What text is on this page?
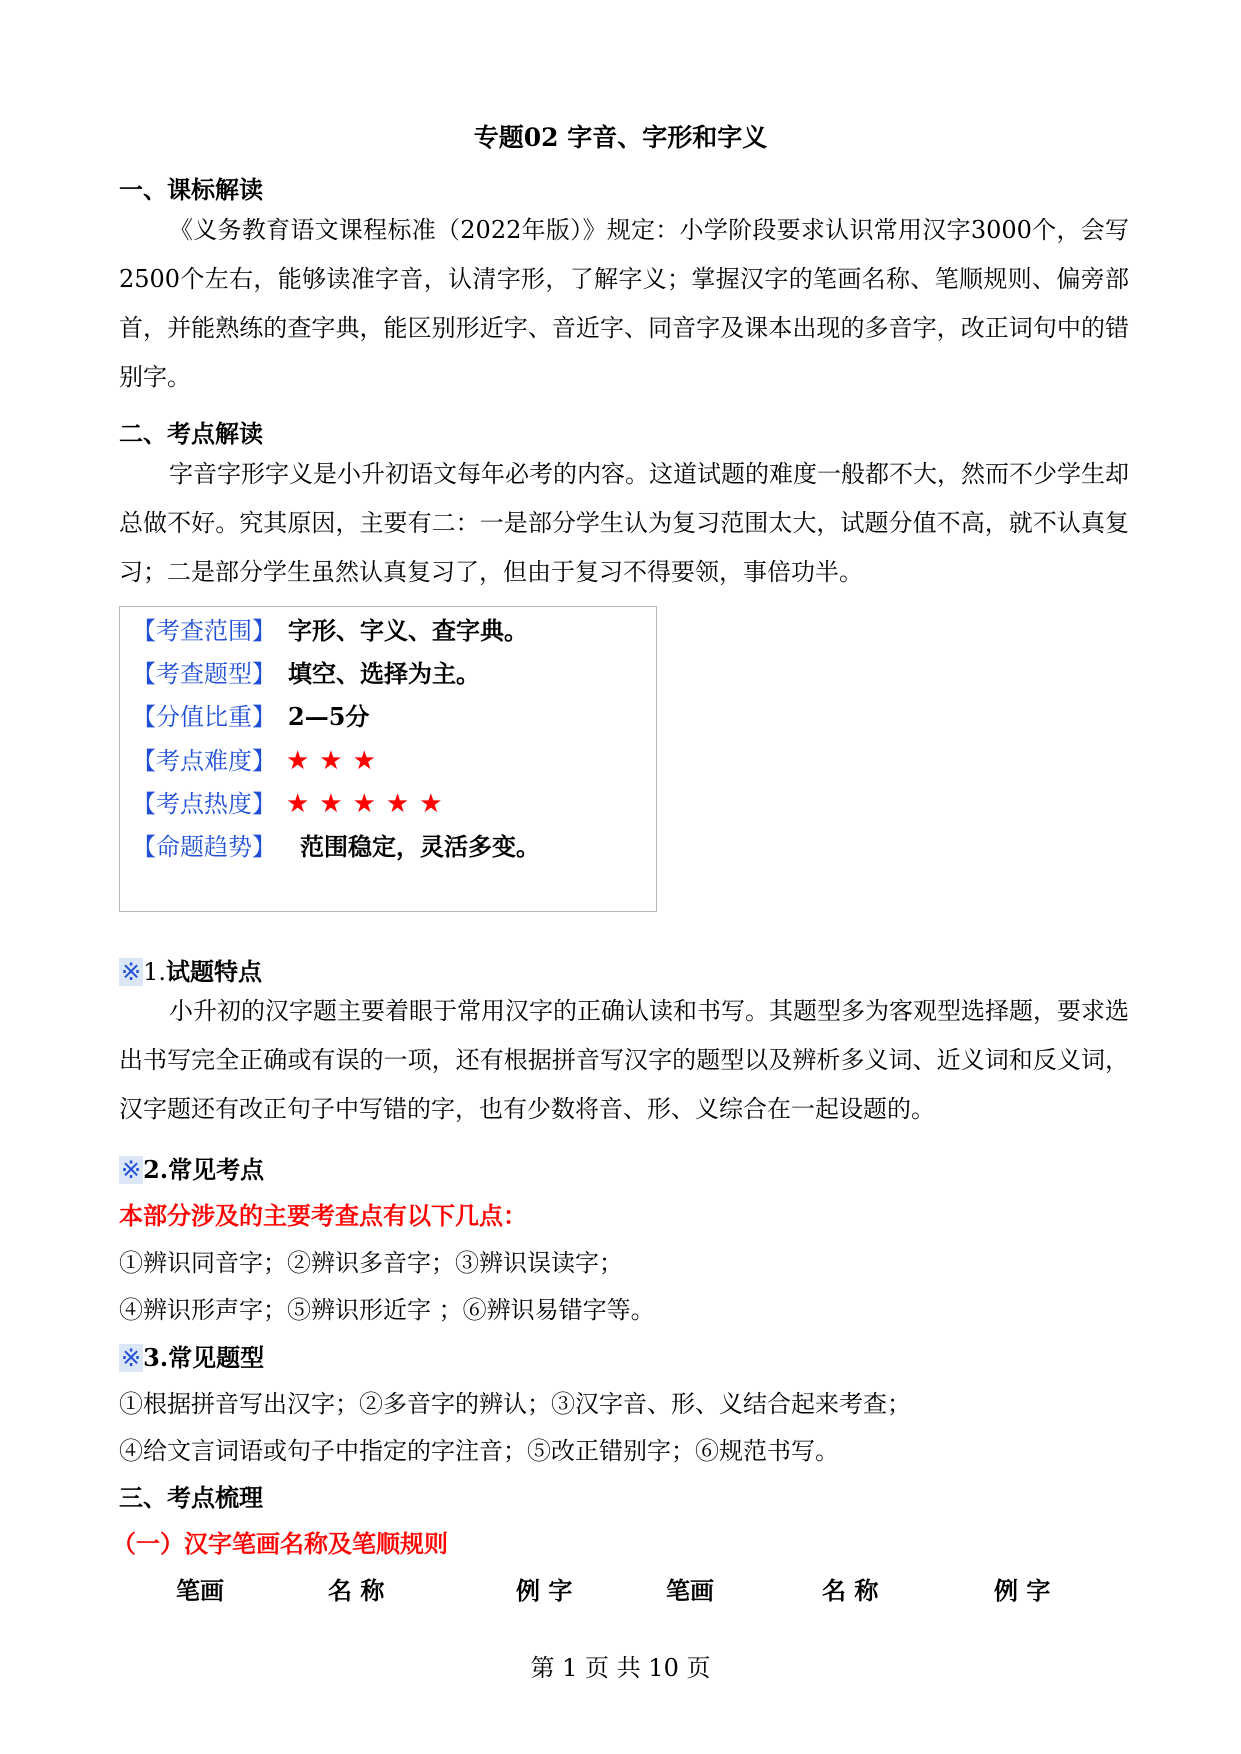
专题02 字音、字形和字义
一、课标解读
《义务教育语文课程标准（2022年版）》规定：小学阶段要求认识常用汉字3000个，会写2500个左右，能够读准字音，认清字形，了解字义；掌握汉字的笔画名称、笔顺规则、偏旁部首，并能熟练的查字典，能区别形近字、音近字、同音字及课本出现的多音字，改正词句中的错别字。
二、考点解读
字音字形字义是小升初语文每年必考的内容。这道试题的难度一般都不大，然而不少学生却总做不好。究其原因，主要有二：一是部分学生认为复习范围太大，试题分值不高，就不认真复习；二是部分学生虽然认真复习了，但由于复习不得要领，事倍功半。
【考查范围】 字形、字义、查字典。
【考查题型】 填空、选择为主。
【分值比重】 2—5分
【考点难度】 ★★★
【考点热度】 ★★★★★
【命题趋势】 范围稳定，灵活多变。
※1.试题特点
小升初的汉字题主要着眼于常用汉字的正确认读和书写。其题型多为客观型选择题，要求选出书写完全正确或有误的一项，还有根据拼音写汉字的题型以及辨析多义词、近义词和反义词，汉字题还有改正句子中写错的字，也有少数将音、形、义综合在一起设题的。
※2.常见考点
本部分涉及的主要考查点有以下几点：
①辨识同音字；②辨识多音字；③辨识误读字；
④辨识形声字；⑤辨识形近字 ；⑥辨识易错字等。
※3.常见题型
①根据拼音写出汉字；②多音字的辨认；③汉字音、形、义结合起来考查；
④给文言词语或句子中指定的字注音；⑤改正错别字；⑥规范书写。
三、考点梳理
（一）汉字笔画名称及笔顺规则
笔画	名 称	例 字	笔画	名 称	例 字
第 1 页 共 10 页
